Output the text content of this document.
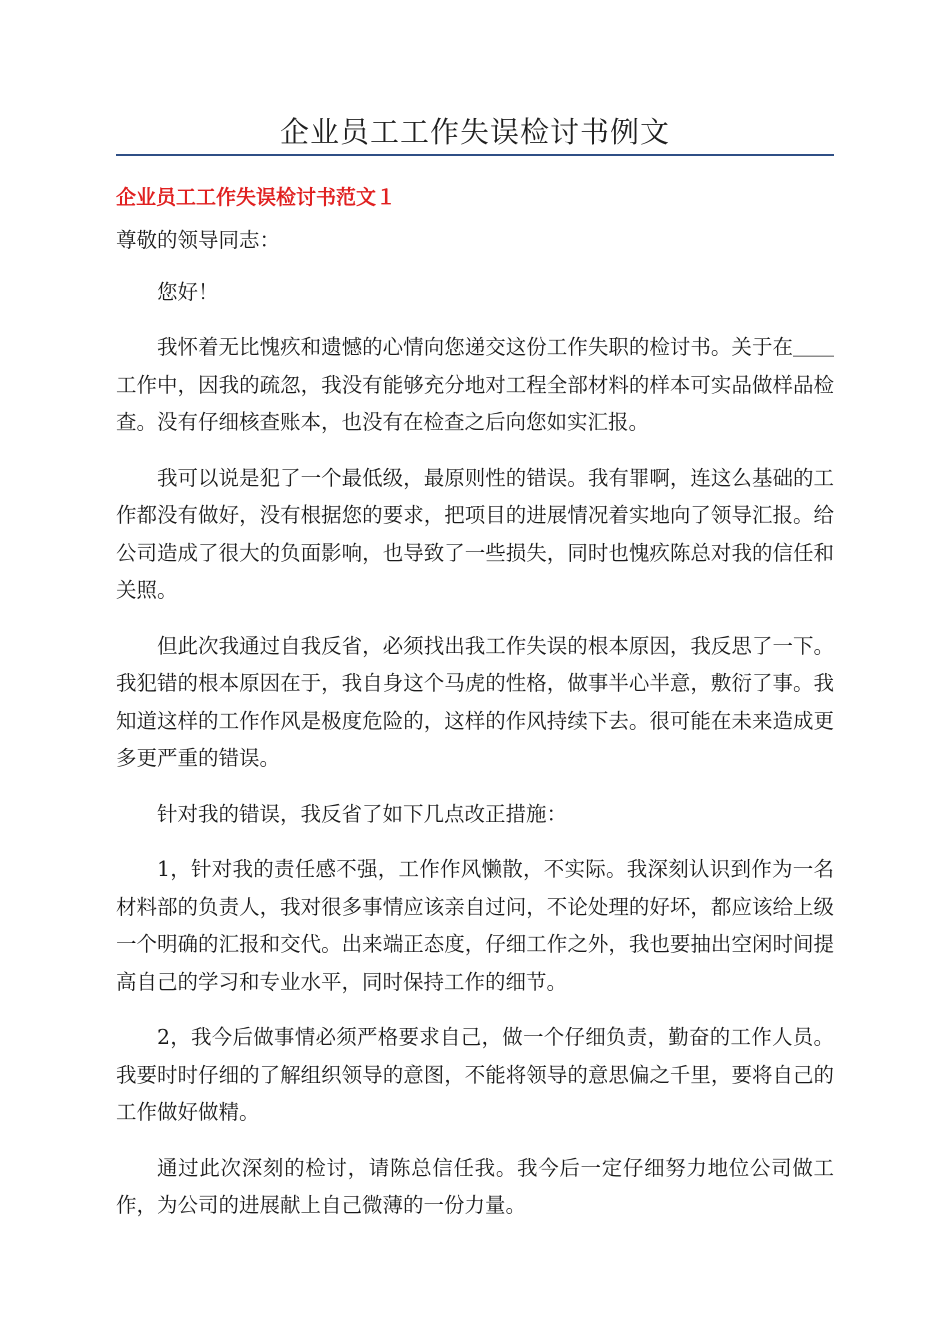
企业员工工作失误检讨书例文
企业员工工作失误检讨书范文１

尊敬的领导同志：

您好！

我怀着无比愧疚和遗憾的心情向您递交这份工作失职的检讨书。关于在＿＿工作中，因我的疏忽，我没有能够充分地对工程全部材料的样本可实品做样品检查。没有仔细核查账本，也没有在检查之后向您如实汇报。

我可以说是犯了一个最低级，最原则性的错误。我有罪啊，连这么基础的工作都没有做好，没有根据您的要求，把项目的进展情况着实地向了领导汇报。给公司造成了很大的负面影响，也导致了一些损失，同时也愧疚陈总对我的信任和关照。

但此次我通过自我反省，必须找出我工作失误的根本原因，我反思了一下。我犯错的根本原因在于，我自身这个马虎的性格，做事半心半意，敷衍了事。我知道这样的工作作风是极度危险的，这样的作风持续下去。很可能在未来造成更多更严重的错误。

针对我的错误，我反省了如下几点改正措施：

1，针对我的责任感不强，工作作风懒散，不实际。我深刻认识到作为一名材料部的负责人，我对很多事情应该亲自过问，不论处理的好坏，都应该给上级一个明确的汇报和交代。出来端正态度，仔细工作之外，我也要抽出空闲时间提高自己的学习和专业水平，同时保持工作的细节。

2，我今后做事情必须严格要求自己，做一个仔细负责，勤奋的工作人员。我要时时仔细的了解组织领导的意图，不能将领导的意思偏之千里，要将自己的工作做好做精。

通过此次深刻的检讨，请陈总信任我。我今后一定仔细努力地位公司做工作，为公司的进展献上自己微薄的一份力量。
